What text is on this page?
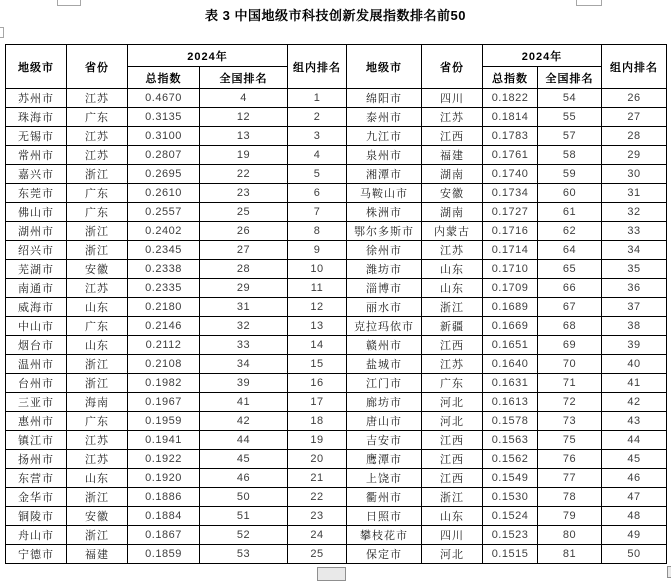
表 3 中国地级市科技创新发展指数排名前50
地级市	省份	2024年		组内排名	地级市	省份	2024年		组内排名
		总指数	全国排名				总指数	全国排名	
苏州市	江苏	0.4670	4	1	绵阳市	四川	0.1822	54	26
珠海市	广东	0.3135	12	2	泰州市	江苏	0.1814	55	27
无锡市	江苏	0.3100	13	3	九江市	江西	0.1783	57	28
常州市	江苏	0.2807	19	4	泉州市	福建	0.1761	58	29
嘉兴市	浙江	0.2695	22	5	湘潭市	湖南	0.1740	59	30
东莞市	广东	0.2610	23	6	马鞍山市	安徽	0.1734	60	31
佛山市	广东	0.2557	25	7	株洲市	湖南	0.1727	61	32
湖州市	浙江	0.2402	26	8	鄂尔多斯市	内蒙古	0.1716	62	33
绍兴市	浙江	0.2345	27	9	徐州市	江苏	0.1714	64	34
芜湖市	安徽	0.2338	28	10	潍坊市	山东	0.1710	65	35
南通市	江苏	0.2335	29	11	淄博市	山东	0.1709	66	36
威海市	山东	0.2180	31	12	丽水市	浙江	0.1689	67	37
中山市	广东	0.2146	32	13	克拉玛依市	新疆	0.1669	68	38
烟台市	山东	0.2112	33	14	赣州市	江西	0.1651	69	39
温州市	浙江	0.2108	34	15	盐城市	江苏	0.1640	70	40
台州市	浙江	0.1982	39	16	江门市	广东	0.1631	71	41
三亚市	海南	0.1967	41	17	廊坊市	河北	0.1613	72	42
惠州市	广东	0.1959	42	18	唐山市	河北	0.1578	73	43
镇江市	江苏	0.1941	44	19	吉安市	江西	0.1563	75	44
扬州市	江苏	0.1922	45	20	鹰潭市	江西	0.1562	76	45
东营市	山东	0.1920	46	21	上饶市	江西	0.1549	77	46
金华市	浙江	0.1886	50	22	衢州市	浙江	0.1530	78	47
铜陵市	安徽	0.1884	51	23	日照市	山东	0.1524	79	48
舟山市	浙江	0.1867	52	24	攀枝花市	四川	0.1523	80	49
宁德市	福建	0.1859	53	25	保定市	河北	0.1515	81	50
